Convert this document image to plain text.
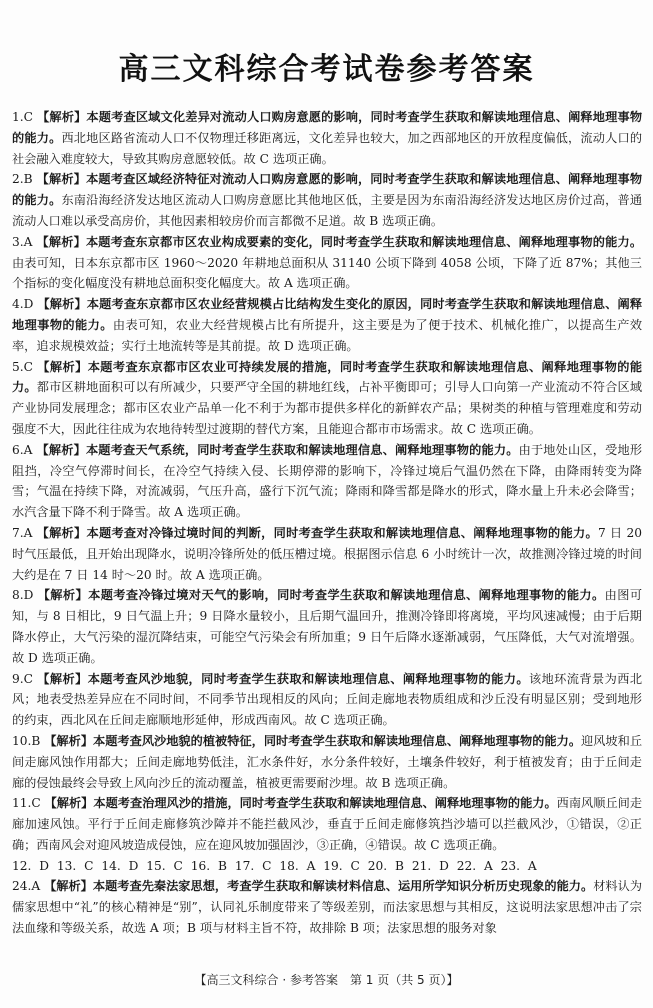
高三文科综合考试卷参考答案
1.C 【解析】本题考查区域文化差异对流动人口购房意愿的影响，同时考查学生获取和解读地理信息、阐释地理事物的能力。西北地区路省流动人口不仅物理迁移距离远，文化差异也较大，加之西部地区的开放程度偏低，流动人口的社会融入难度较大，导致其购房意愿较低。故 C 选项正确。
2.B 【解析】本题考查区域经济特征对流动人口购房意愿的影响，同时考查学生获取和解读地理信息、阐释地理事物的能力。东南沿海经济发达地区流动人口购房意愿比其他地区低，主要是因为东南沿海经济发达地区房价过高，普通流动人口难以承受高房价，其他因素相较房价而言都微不足道。故 B 选项正确。
3.A 【解析】本题考查东京都市区农业构成要素的变化，同时考查学生获取和解读地理信息、阐释地理事物的能力。由表可知，日本东京都市区 1960～2020 年耕地总面积从 31140 公顷下降到 4058 公顷，下降了近 87%；其他三个指标的变化幅度没有耕地总面积变化幅度大。故 A 选项正确。
4.D 【解析】本题考查东京都市区农业经营规模占比结构发生变化的原因，同时考查学生获取和解读地理信息、阐释地理事物的能力。由表可知，农业大经营规模占比有所提升，这主要是为了便于技术、机械化推广，以提高生产效率，追求规模效益；实行土地流转等是其前提。故 D 选项正确。
5.C 【解析】本题考查东京都市区农业可持续发展的措施，同时考查学生获取和解读地理信息、阐释地理事物的能力。都市区耕地面积可以有所减少，只要严守全国的耕地红线，占补平衡即可；引导人口向第一产业流动不符合区域产业协同发展理念；都市区农业产品单一化不利于为都市提供多样化的新鲜农产品；果树类的种植与管理难度和劳动强度不大，因此往往成为农地待转型过渡期的替代方案，且能迎合都市市场需求。故 C 选项正确。
6.A 【解析】本题考查天气系统，同时考查学生获取和解读地理信息、阐释地理事物的能力。由于地处山区，受地形阻挡，冷空气停滞时间长，在冷空气持续入侵、长期停滞的影响下，冷锋过境后气温仍然在下降，由降雨转变为降雪；气温在持续下降，对流减弱，气压升高，盛行下沉气流；降雨和降雪都是降水的形式，降水量上升未必会降雪；水汽含量下降不利于降雪。故 A 选项正确。
7.A 【解析】本题考查对冷锋过境时间的判断，同时考查学生获取和解读地理信息、阐释地理事物的能力。7 日 20 时气压最低，且开始出现降水，说明冷锋所处的低压槽过境。根据图示信息 6 小时统计一次，故推测冷锋过境的时间大约是在 7 日 14 时～20 时。故 A 选项正确。
8.D 【解析】本题考查冷锋过境对天气的影响，同时考查学生获取和解读地理信息、阐释地理事物的能力。由图可知，与 8 日相比，9 日气温上升；9 日降水量较小，且后期气温回升，推测冷锋即将离境，平均风速减慢；由于后期降水停止，大气污染的湿沉降结束，可能空气污染会有所加重；9 日午后降水逐渐减弱，气压降低，大气对流增强。故 D 选项正确。
9.C 【解析】本题考查风沙地貌，同时考查学生获取和解读地理信息、阐释地理事物的能力。该地环流背景为西北风；地表受热差异应在不同时间，不同季节出现相反的风向；丘间走廊地表物质组成和沙丘没有明显区别；受到地形的约束，西北风在丘间走廊顺地形延伸，形成西南风。故 C 选项正确。
10.B 【解析】本题考查风沙地貌的植被特征，同时考查学生获取和解读地理信息、阐释地理事物的能力。迎风坡和丘间走廊风蚀作用都大；丘间走廊地势低洼，汇水条件好，水分条件较好，土壤条件较好，利于植被发育；由于丘间走廊的侵蚀最终会导致上风向沙丘的流动覆盖，植被更需要耐沙埋。故 B 选项正确。
11.C 【解析】本题考查治理风沙的措施，同时考查学生获取和解读地理信息、阐释地理事物的能力。西南风顺丘间走廊加速风蚀。平行于丘间走廊修筑沙障并不能拦截风沙，垂直于丘间走廊修筑挡沙墙可以拦截风沙，①错误，②正确；西南风会对迎风坡造成侵蚀，应在迎风坡加强固沙，③正确，④错误。故 C 选项正确。
12. D 13. C 14. D 15. C 16. B 17. C 18. A 19. C 20. B 21. D 22. A 23. A
24.A 【解析】本题考查先秦法家思想，考查学生获取和解读材料信息、运用所学知识分析历史现象的能力。材料认为儒家思想中“礼”的核心精神是“别”，认同礼乐制度带来了等级差别，而法家思想与其相反，这说明法家思想冲击了宗法血缘和等级关系，故选 A 项；B 项与材料主旨不符，故排除 B 项；法家思想的服务对象
【高三文科综合 · 参考答案　第 1 页（共 5 页）】
